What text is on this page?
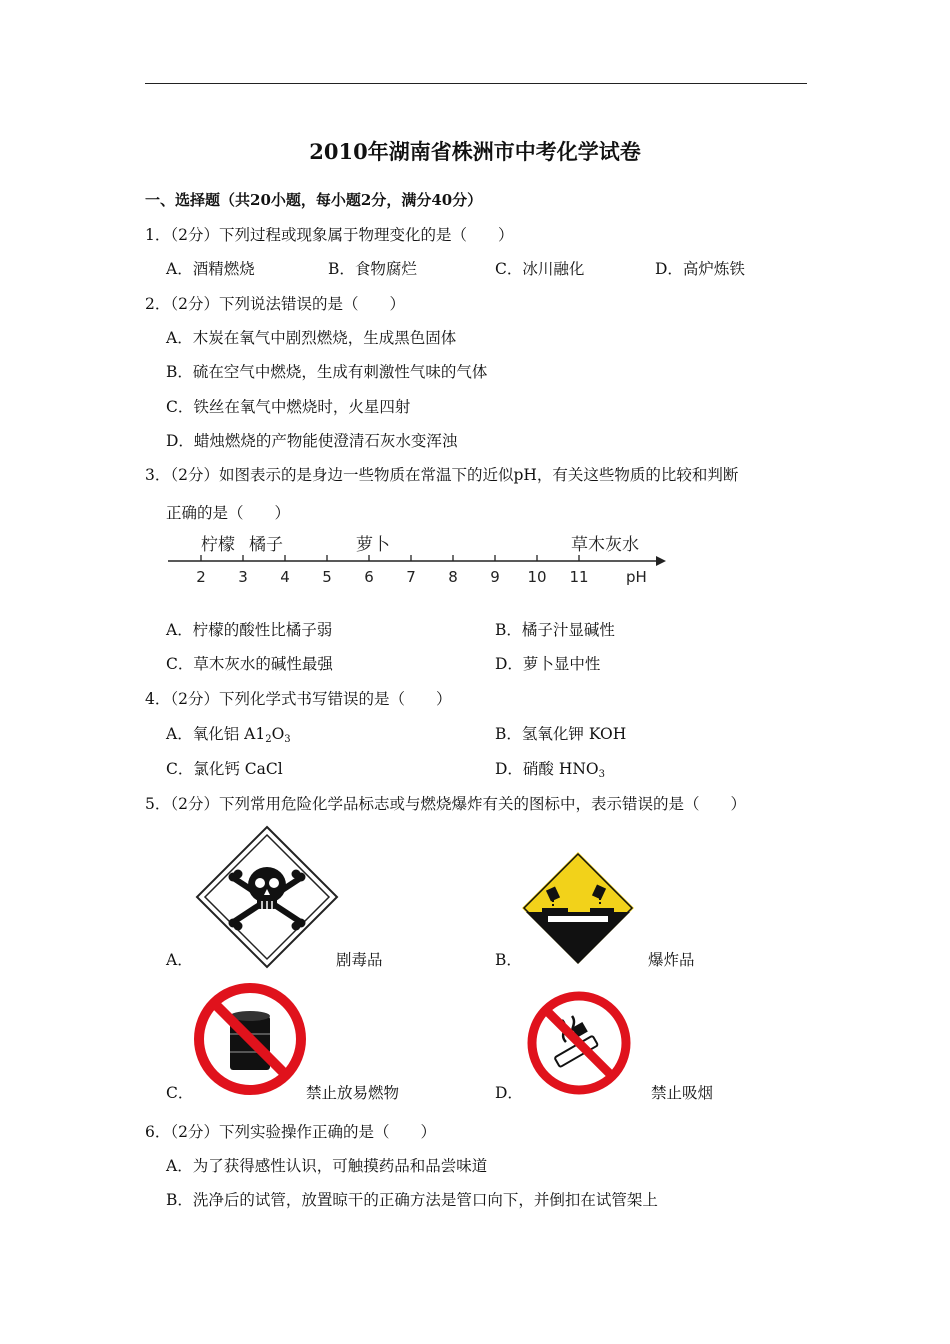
2010年湖南省株洲市中考化学试卷
一、选择题（共20小题，每小题2分，满分40分）
1．（2分）下列过程或现象属于物理变化的是（　　）
A．酒精燃烧	B．食物腐烂	C．冰川融化	D．高炉炼铁
2．（2分）下列说法错误的是（　　）
A．木炭在氧气中剧烈燃烧，生成黑色固体
B．硫在空气中燃烧，生成有刺激性气味的气体
C．铁丝在氧气中燃烧时，火星四射
D．蜡烛燃烧的产物能使澄清石灰水变浑浊
3．（2分）如图表示的是身边一些物质在常温下的近似pH，有关这些物质的比较和判断
正确的是（　　）
2 3 4 5 6 7 8 9 10 11
. 柠檬 橘子	萝卜	草木灰水
pH
A．柠檬的酸性比橘子弱	B．橘子汁显碱性
C．草木灰水的碱性最强	D．萝卜显中性
4．（2分）下列化学式书写错误的是（　　）
A．氧化铝 $A1_2O_3$	B．氢氧化钾 KOH
C．氯化钙 CaCl	D．硝酸 $HNO_3$
5．（2分）下列常用危险化学品标志或与燃烧爆炸有关的图标中，表示错误的是（　　）
A．	剧毒品	B．	爆炸品
C．	禁止放易燃物	D．	禁止吸烟
6．（2分）下列实验操作正确的是（　　）
A．为了获得感性认识，可触摸药品和品尝味道
B．洗净后的试管，放置晾干的正确方法是管口向下，并倒扣在试管架上
